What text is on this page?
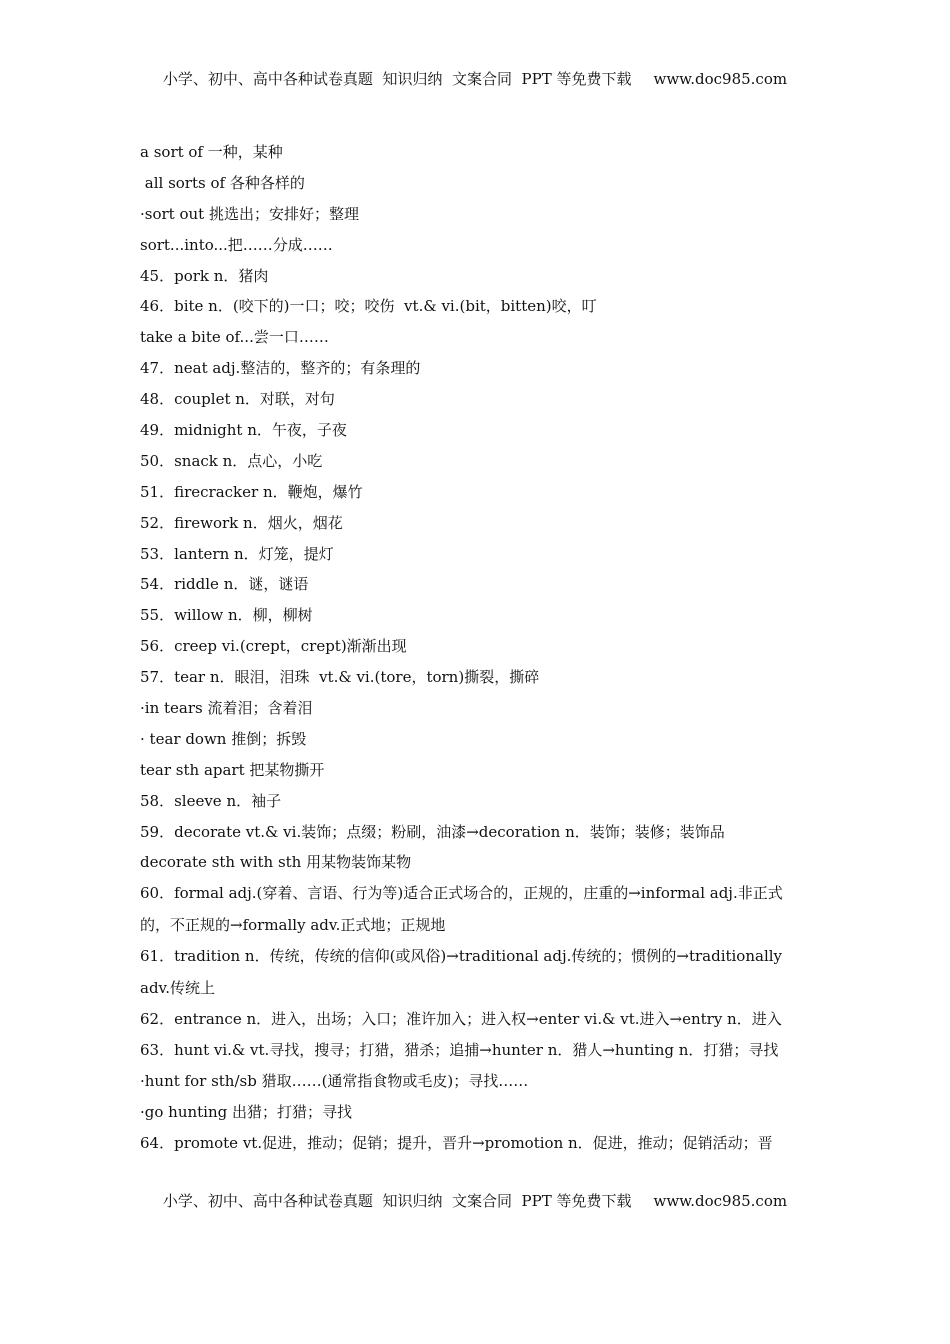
小学、初中、高中各种试卷真题  知识归纳  文案合同  PPT 等免费下载 www.doc985.com
a sort of 一种，某种
all sorts of 各种各样的
·sort out 挑选出；安排好；整理
sort...into...把……分成……
45．pork n．猪肉
46．bite n．(咬下的)一口；咬；咬伤  vt.& vi.(bit，bitten)咬，叮
take a bite of...尝一口……
47．neat adj.整洁的，整齐的；有条理的
48．couplet n．对联，对句
49．midnight n．午夜，子夜
50．snack n．点心，小吃
51．firecracker n．鞭炮，爆竹
52．firework n．烟火，烟花
53．lantern n．灯笼，提灯
54．riddle n．谜，谜语
55．willow n．柳，柳树
56．creep vi.(crept，crept)渐渐出现
57．tear n．眼泪，泪珠  vt.& vi.(tore，torn)撕裂，撕碎
·in tears 流着泪；含着泪
· tear down 推倒；拆毁
tear sth apart 把某物撕开
58．sleeve n．袖子
59．decorate vt.& vi.装饰；点缀；粉刷，油漆→decoration n．装饰；装修；装饰品
decorate sth with sth 用某物装饰某物
60．formal adj.(穿着、言语、行为等)适合正式场合的，正规的，庄重的→informal adj.非正式的，不正规的→formally adv.正式地；正规地
61．tradition n．传统，传统的信仰(或风俗)→traditional adj.传统的；惯例的→traditionally adv.传统上
62．entrance n．进入，出场；入口；准许加入；进入权→enter vi.& vt.进入→entry n．进入
63．hunt vi.& vt.寻找，搜寻；打猎，猎杀；追捕→hunter n．猎人→hunting n．打猎；寻找
·hunt for sth/sb 猎取……(通常指食物或毛皮)；寻找……
·go hunting 出猎；打猎；寻找
64．promote vt.促进，推动；促销；提升，晋升→promotion n．促进，推动；促销活动；晋
小学、初中、高中各种试卷真题  知识归纳  文案合同  PPT 等免费下载 www.doc985.com
